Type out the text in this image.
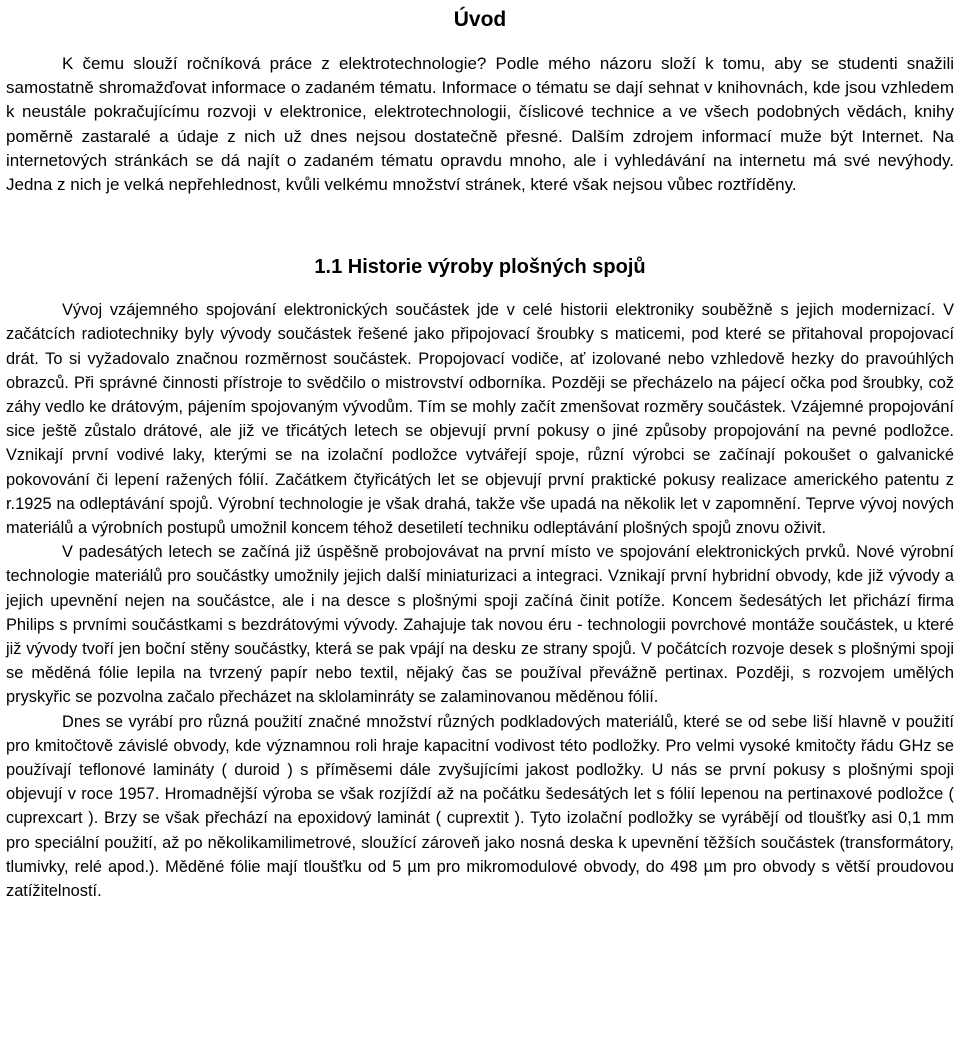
Úvod

K čemu slouží ročníková práce z elektrotechnologie? Podle mého názoru složí k tomu, aby se studenti snažili samostatně shromažďovat informace o zadaném tématu. Informace o tématu se dají sehnat v knihovnách, kde jsou vzhledem k neustále pokračujícímu rozvoji v elektronice, elektrotechnologii, číslicové technice a ve všech podobných vědách, knihy poměrně zastaralé a údaje z nich už dnes nejsou dostatečně přesné. Dalším zdrojem informací muže být Internet. Na internetových stránkách se dá najít o zadaném tématu opravdu mnoho, ale i vyhledávání na internetu má své nevýhody. Jedna z nich je velká nepřehlednost, kvůli velkému množství stránek, které však nejsou vůbec roztříděny.

1.1 Historie výroby plošných spojů

Vývoj vzájemného spojování elektronických součástek jde v celé historii elektroniky souběžně s jejich modernizací. V začátcích radiotechniky byly vývody součástek řešené jako připojovací šroubky s maticemi, pod které se přitahoval propojovací drát. To si vyžadovalo značnou rozměrnost součástek. Propojovací vodiče, ať izolované nebo vzhledově hezky do pravoúhlých obrazců. Při správné činnosti přístroje to svědčilo o mistrovství odborníka. Později se přecházelo na pájecí očka pod šroubky, což záhy vedlo ke drátovým, pájením spojovaným vývodům. Tím se mohly začít zmenšovat rozměry součástek. Vzájemné propojování sice ještě zůstalo drátové, ale již ve třicátých letech se objevují první pokusy o jiné způsoby propojování na pevné podložce. Vznikají první vodivé laky, kterými se na izolační podložce vytvářejí spoje, různí výrobci se začínají pokoušet o galvanické pokovování či lepení ražených fólií. Začátkem čtyřicátých let se objevují první praktické pokusy realizace amerického patentu z r.1925 na odleptávání spojů. Výrobní technologie je však drahá, takže vše upadá na několik let v zapomnění. Teprve vývoj nových materiálů a výrobních postupů umožnil koncem téhož desetiletí techniku odleptávání plošných spojů znovu oživit.

V padesátých letech se začíná již úspěšně probojovávat na první místo ve spojování elektronických prvků. Nové výrobní technologie materiálů pro součástky umožnily jejich další miniaturizaci a integraci. Vznikají první hybridní obvody, kde již vývody a jejich upevnění nejen na součástce, ale i na desce s plošnými spoji začíná činit potíže. Koncem šedesátých let přichází firma Philips s prvními součástkami s bezdrátovými vývody. Zahajuje tak novou éru - technologii povrchové montáže součástek, u které již vývody tvoří jen boční stěny součástky, která se pak vpájí na desku ze strany spojů. V počátcích rozvoje desek s plošnými spoji se měděná fólie lepila na tvrzený papír nebo textil, nějaký čas se používal převážně pertinax. Později, s rozvojem umělých pryskyřic se pozvolna začalo přecházet na sklolaminráty se zalaminovanou měděnou fólií.

Dnes se vyrábí pro různá použití značné množství různých podkladových materiálů, které se od sebe liší hlavně v použití pro kmitočtově závislé obvody, kde významnou roli hraje kapacitní vodivost této podložky. Pro velmi vysoké kmitočty řádu GHz se používají teflonové lamináty ( duroid ) s příměsemi dále zvyšujícími jakost podložky. U nás se první pokusy s plošnými spoji objevují v roce 1957. Hromadnější výroba se však rozjíždí až na počátku šedesátých let s fólií lepenou na pertinaxové podložce ( cuprexcart ). Brzy se však přechází na epoxidový laminát ( cuprextit ). Tyto izolační podložky se vyrábějí od tloušťky asi 0,1 mm pro speciální použití, až po několikamilimetrové, sloužící zároveň jako nosná deska k upevnění těžších součástek (transformátory, tlumivky, relé apod.). Měděné fólie mají tloušťku od 5 µm pro mikromodulové obvody, do 498 µm pro obvody s větší proudovou zatížitelností.
